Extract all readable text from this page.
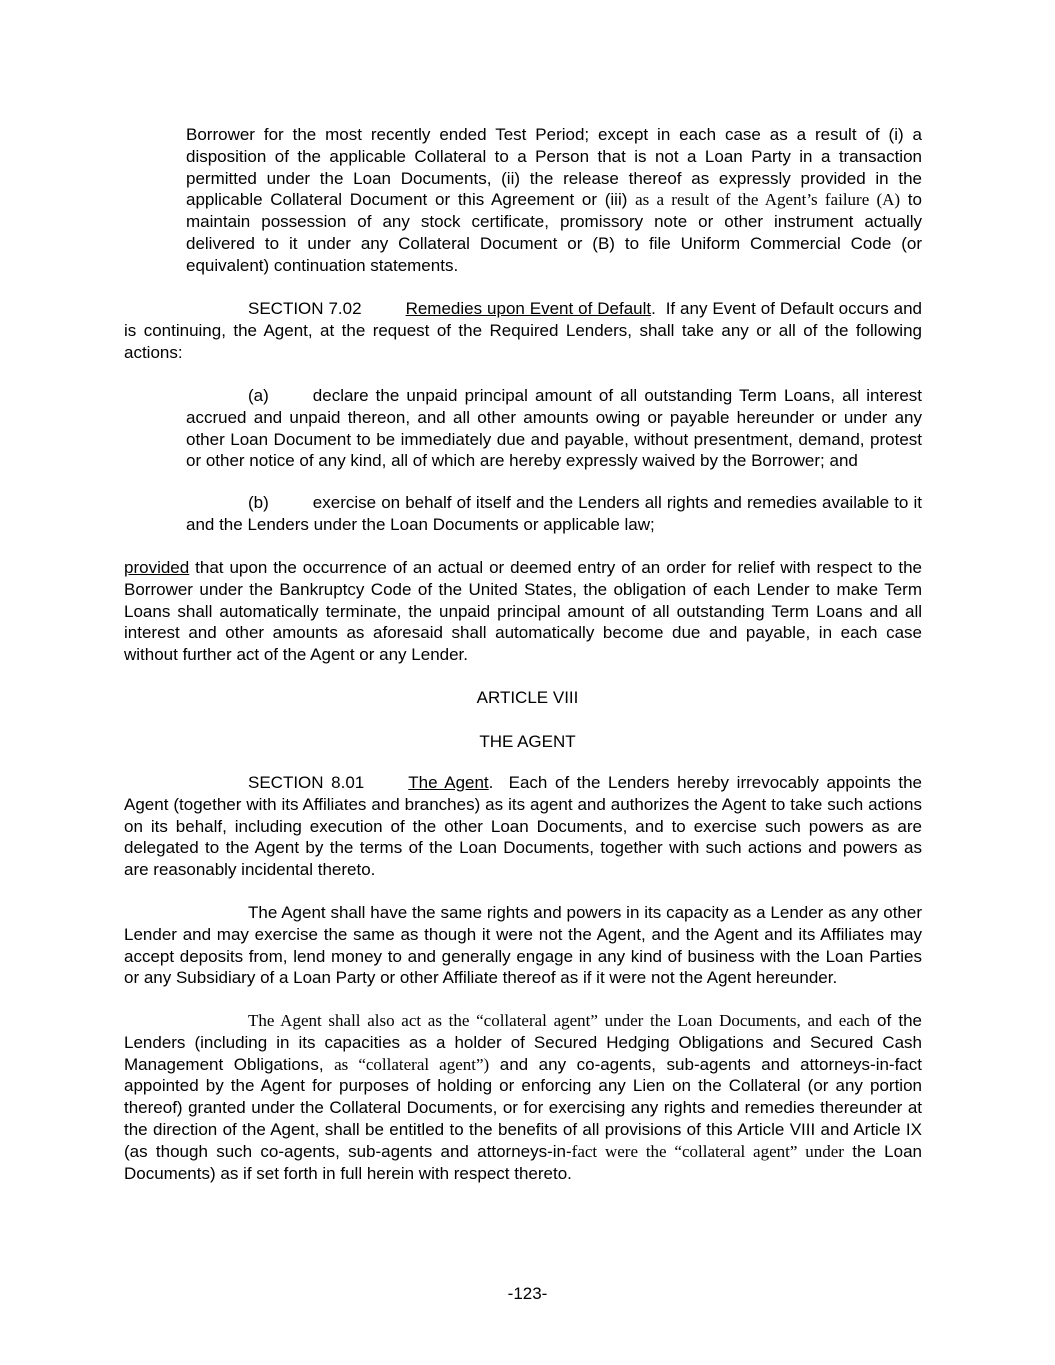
Borrower for the most recently ended Test Period; except in each case as a result of (i) a disposition of the applicable Collateral to a Person that is not a Loan Party in a transaction permitted under the Loan Documents, (ii) the release thereof as expressly provided in the applicable Collateral Document or this Agreement or (iii) as a result of the Agent’s failure (A) to maintain possession of any stock certificate, promissory note or other instrument actually delivered to it under any Collateral Document or (B) to file Uniform Commercial Code (or equivalent) continuation statements.

SECTION 7.02	Remedies upon Event of Default.  If any Event of Default occurs and is continuing, the Agent, at the request of the Required Lenders, shall take any or all of the following actions:

(a)	declare the unpaid principal amount of all outstanding Term Loans, all interest accrued and unpaid thereon, and all other amounts owing or payable hereunder or under any other Loan Document to be immediately due and payable, without presentment, demand, protest or other notice of any kind, all of which are hereby expressly waived by the Borrower; and

(b)	exercise on behalf of itself and the Lenders all rights and remedies available to it and the Lenders under the Loan Documents or applicable law;

provided that upon the occurrence of an actual or deemed entry of an order for relief with respect to the Borrower under the Bankruptcy Code of the United States, the obligation of each Lender to make Term Loans shall automatically terminate, the unpaid principal amount of all outstanding Term Loans and all interest and other amounts as aforesaid shall automatically become due and payable, in each case without further act of the Agent or any Lender.

ARTICLE VIII

THE AGENT

SECTION 8.01	The Agent.  Each of the Lenders hereby irrevocably appoints the Agent (together with its Affiliates and branches) as its agent and authorizes the Agent to take such actions on its behalf, including execution of the other Loan Documents, and to exercise such powers as are delegated to the Agent by the terms of the Loan Documents, together with such actions and powers as are reasonably incidental thereto.

The Agent shall have the same rights and powers in its capacity as a Lender as any other Lender and may exercise the same as though it were not the Agent, and the Agent and its Affiliates may accept deposits from, lend money to and generally engage in any kind of business with the Loan Parties or any Subsidiary of a Loan Party or other Affiliate thereof as if it were not the Agent hereunder.

The Agent shall also act as the “collateral agent” under the Loan Documents, and each of the Lenders (including in its capacities as a holder of Secured Hedging Obligations and Secured Cash Management Obligations, as “collateral agent”) and any co-agents, sub-agents and attorneys-in-fact appointed by the Agent for purposes of holding or enforcing any Lien on the Collateral (or any portion thereof) granted under the Collateral Documents, or for exercising any rights and remedies thereunder at the direction of the Agent, shall be entitled to the benefits of all provisions of this Article VIII and Article IX (as though such co-agents, sub-agents and attorneys-in-fact were the “collateral agent” under the Loan Documents) as if set forth in full herein with respect thereto.

-123-
